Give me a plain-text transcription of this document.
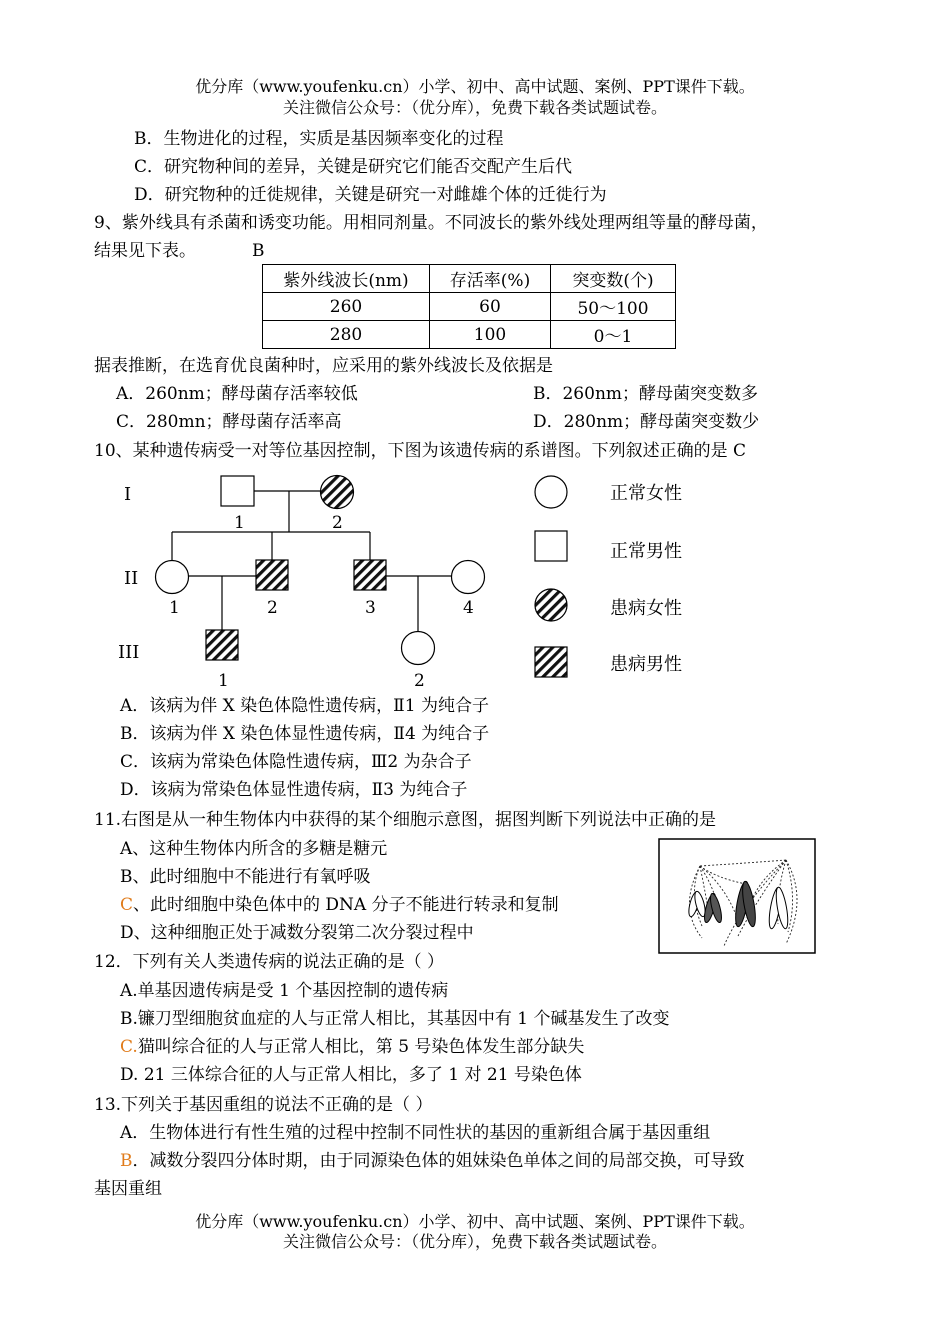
优分库（www.youfenku.cn）小学、初中、高中试题、案例、PPT课件下载。
关注微信公众号：（优分库），免费下载各类试题试卷。
B．生物进化的过程，实质是基因频率变化的过程
C．研究物种间的差异，关键是研究它们能否交配产生后代
D．研究物种的迁徙规律，关键是研究一对雌雄个体的迁徙行为
9、紫外线具有杀菌和诱变功能。用相同剂量。不同波长的紫外线处理两组等量的酵母菌，
结果见下表。	B
紫外线波长(nm)	存活率(%)	突变数(个)
260	60	50～100
280	100	0～1
据表推断，在选育优良菌种时，应采用的紫外线波长及依据是
A．260nm；酵母菌存活率较低	B．260nm；酵母菌突变数多
C．280mn；酵母菌存活率高	D．280nm；酵母菌突变数少
10、某种遗传病受一对等位基因控制，下图为该遗传病的系谱图。下列叙述正确的是 C
I
II
III
1	2
1	2	3	4
1	2
正常女性
正常男性
患病女性
患病男性
A．该病为伴 X 染色体隐性遗传病，Ⅱ1 为纯合子
B．该病为伴 X 染色体显性遗传病，Ⅱ4 为纯合子
C．该病为常染色体隐性遗传病，Ⅲ2 为杂合子
D．该病为常染色体显性遗传病，Ⅱ3 为纯合子
11.右图是从一种生物体内中获得的某个细胞示意图，据图判断下列说法中正确的是
A、这种生物体内所含的多糖是糖元
B、此时细胞中不能进行有氧呼吸
C、此时细胞中染色体中的 DNA 分子不能进行转录和复制
D、这种细胞正处于减数分裂第二次分裂过程中
12．下列有关人类遗传病的说法正确的是（ ）
A.单基因遗传病是受 1 个基因控制的遗传病
B.镰刀型细胞贫血症的人与正常人相比，其基因中有 1 个碱基发生了改变
C.猫叫综合征的人与正常人相比，第 5 号染色体发生部分缺失
D. 21 三体综合征的人与正常人相比，多了 1 对 21 号染色体
13.下列关于基因重组的说法不正确的是（ ）
A．生物体进行有性生殖的过程中控制不同性状的基因的重新组合属于基因重组
B．减数分裂四分体时期，由于同源染色体的姐妹染色单体之间的局部交换，可导致
基因重组
优分库（www.youfenku.cn）小学、初中、高中试题、案例、PPT课件下载。
关注微信公众号：（优分库），免费下载各类试题试卷。
